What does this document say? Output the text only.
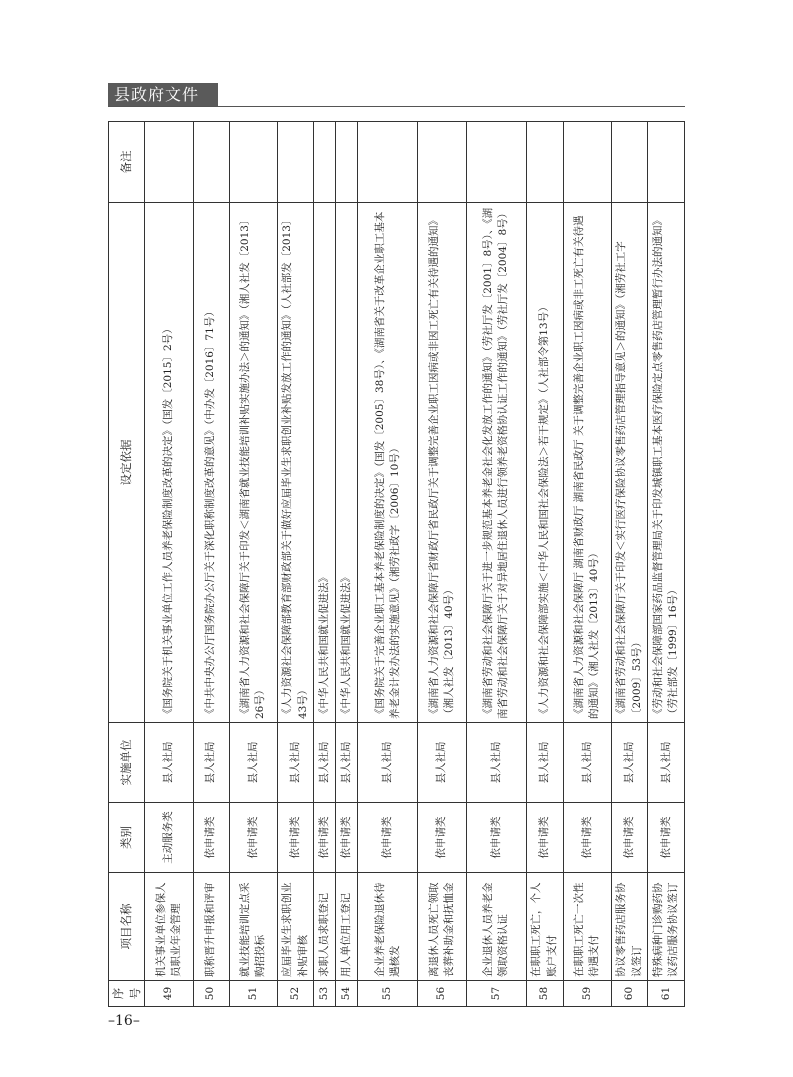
县政府文件
序号	项目名称	类别	实施单位	设定依据	备注
49	机关事业单位参保人员职业年金管理	主动服务类	县人社局	《国务院关于机关事业单位工作人员养老保险制度改革的决定》（国发〔2015〕2号）	
50	职称晋升申报和评审	依申请类	县人社局	《中共中央办公厅国务院办公厅关于深化职称制度改革的意见》（中办发〔2016〕71号）	
51	就业技能培训定点采购招投标	依申请类	县人社局	《湖南省人力资源和社会保障厅关于印发＜湖南省就业技能培训补贴实施办法＞的通知》（湘人社发〔2013〕26号）	
52	应届毕业生求职创业补贴审核	依申请类	县人社局	《人力资源社会保障部教育部财政部关于做好应届毕业生求职创业补贴发放工作的通知》（人社部发〔2013〕43号）	
53	求职人员求职登记	依申请类	县人社局	《中华人民共和国就业促进法》	
54	用人单位用工登记	依申请类	县人社局	《中华人民共和国就业促进法》	
55	企业养老保险退休待遇核发	依申请类	县人社局	《国务院关于完善企业职工基本养老保险制度的决定》（国发〔2005〕38号）、《湖南省关于改革企业职工基本养老金计发办法的实施意见》（湘劳社政字〔2006〕10号）	
56	离退休人员死亡领取丧葬补助金和抚恤金	依申请类	县人社局	《湖南省人力资源和社会保障厅省财政厅省民政厅关于调整完善企业职工因病或非因工死亡有关待遇的通知》（湘人社发〔2013〕40号）	
57	企业退休人员养老金领取资格认证	依申请类	县人社局	《湖南省劳动和社会保障厅关于进一步规范基本养老金社会化发放工作的通知》（劳社厅发〔2001〕8号）、《湖南省劳动和社会保障厅关于对异地居住退休人员进行领养老资格协认证工作的通知》（劳社厅发〔2004〕8号）	
58	在职职工死亡，个人账户支付	依申请类	县人社局	《人力资源和社会保障部实施＜中华人民和国社会保险法＞若干规定》（人社部令第13号）	
59	在职职工死亡一次性待遇支付	依申请类	县人社局	《湖南省人力资源和社会保障厅 湖南省财政厅 湖南省民政厅 关于调整完善企业职工因病或非工死亡有关待遇的通知》（湘人社发〔2013〕40号）	
60	协议零售药店服务协议签订	依申请类	县人社局	《湖南省劳动和社会保障厅关于印发＜实行医疗保险协议零售药店管理指导意见＞的通知》（湘劳社工字〔2009〕53号）	
61	特殊病种门诊购药协议药店服务协议签订	依申请类	县人社局	《劳动和社会保障部国家药品监督管理局关于印发城镇职工基本医疗保险定点零售药店管理暂行办法的通知》（劳社部发〔1999〕16号）	
–16–
